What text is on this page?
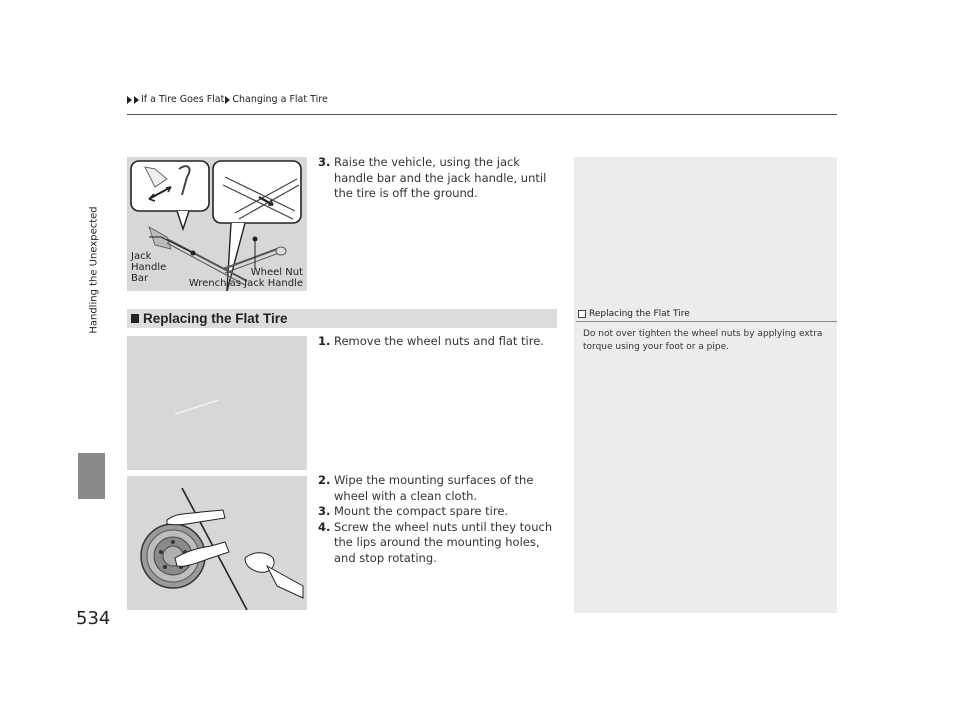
If a Tire Goes Flat Changing a Flat Tire
Handling the Unexpected
534
Jack
Handle
Bar
Wheel Nut
Wrench as Jack Handle
3. Raise the vehicle, using the jack handle bar and the jack handle, until the tire is off the ground.
Replacing the Flat Tire	Replacing the Flat Tire
Do not over tighten the wheel nuts by applying extra torque using your foot or a pipe.
1. Remove the wheel nuts and flat tire.
2. Wipe the mounting surfaces of the wheel with a clean cloth.
3. Mount the compact spare tire.
4. Screw the wheel nuts until they touch the lips around the mounting holes, and stop rotating.
